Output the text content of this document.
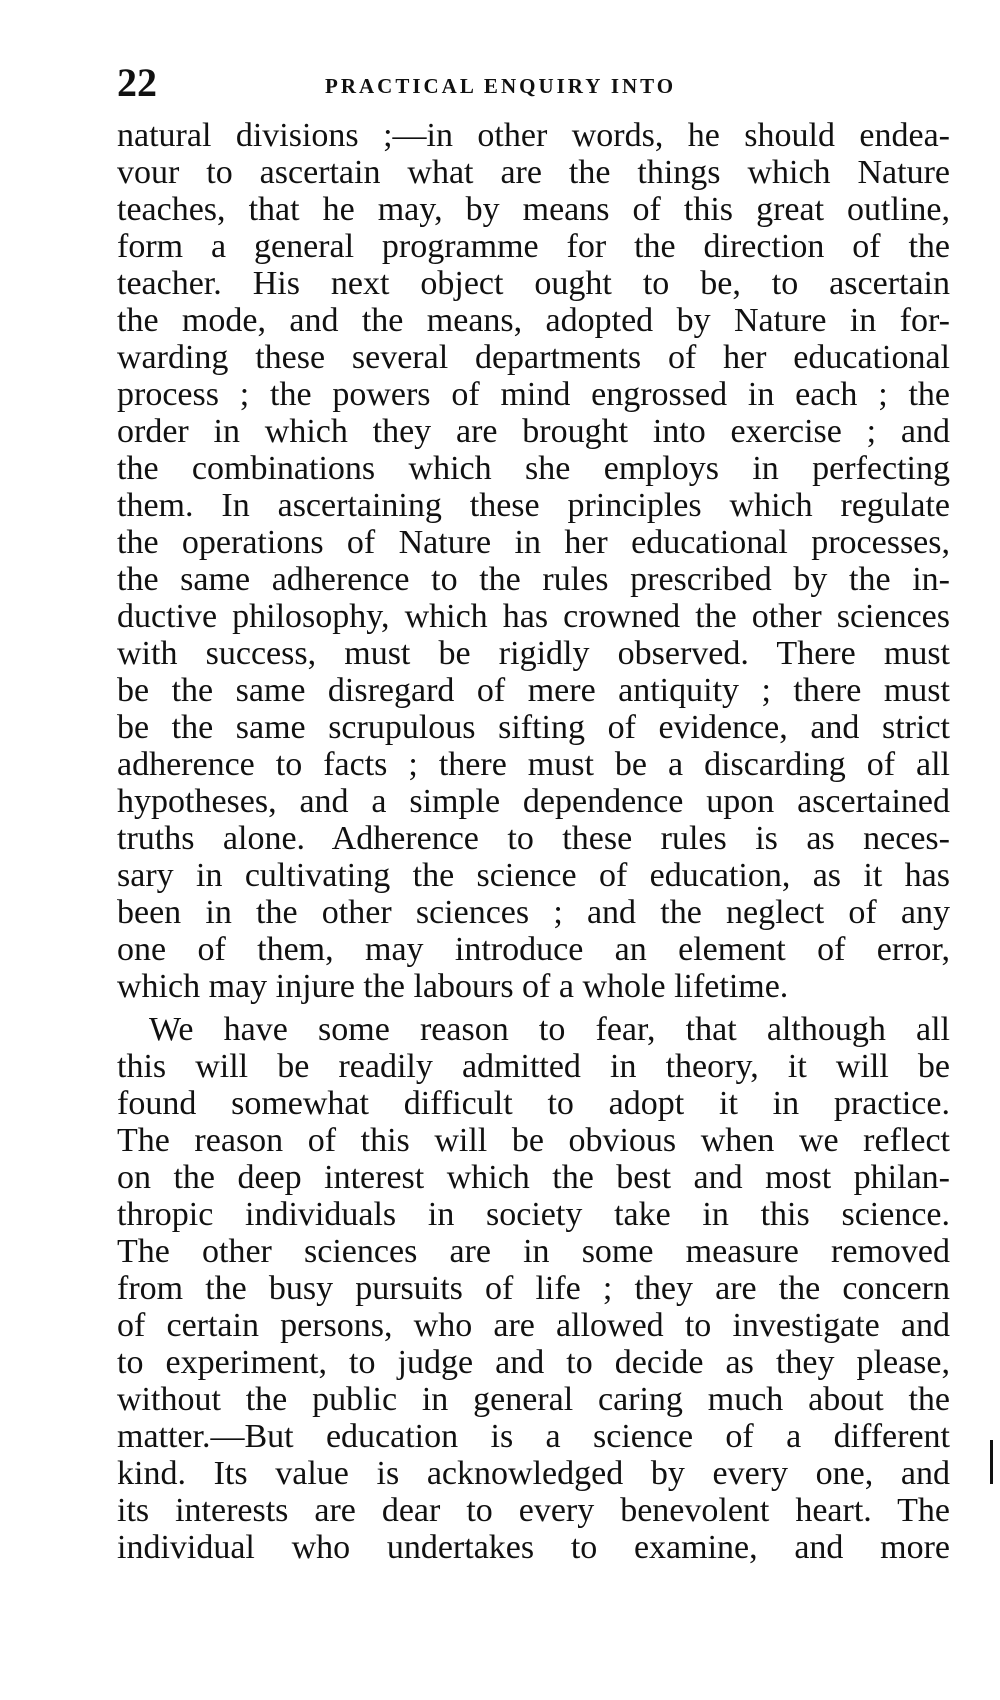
22	PRACTICAL ENQUIRY INTO
natural divisions ;—in other words, he should endea-
vour to ascertain what are the things which Nature
teaches, that he may, by means of this great outline,
form a general programme for the direction of the
teacher. His next object ought to be, to ascertain
the mode, and the means, adopted by Nature in for-
warding these several departments of her educational
process ; the powers of mind engrossed in each ; the
order in which they are brought into exercise ; and
the combinations which she employs in perfecting
them. In ascertaining these principles which regulate
the operations of Nature in her educational processes,
the same adherence to the rules prescribed by the in-
ductive philosophy, which has crowned the other sciences
with success, must be rigidly observed. There must
be the same disregard of mere antiquity ; there must
be the same scrupulous sifting of evidence, and strict
adherence to facts ; there must be a discarding of all
hypotheses, and a simple dependence upon ascertained
truths alone. Adherence to these rules is as neces-
sary in cultivating the science of education, as it has
been in the other sciences ; and the neglect of any
one of them, may introduce an element of error,
which may injure the labours of a whole lifetime.
We have some reason to fear, that although all
this will be readily admitted in theory, it will be
found somewhat difficult to adopt it in practice.
The reason of this will be obvious when we reflect
on the deep interest which the best and most philan-
thropic individuals in society take in this science.
The other sciences are in some measure removed
from the busy pursuits of life ; they are the concern
of certain persons, who are allowed to investigate and
to experiment, to judge and to decide as they please,
without the public in general caring much about the
matter.—But education is a science of a different
kind. Its value is acknowledged by every one, and
its interests are dear to every benevolent heart. The
individual who undertakes to examine, and more
